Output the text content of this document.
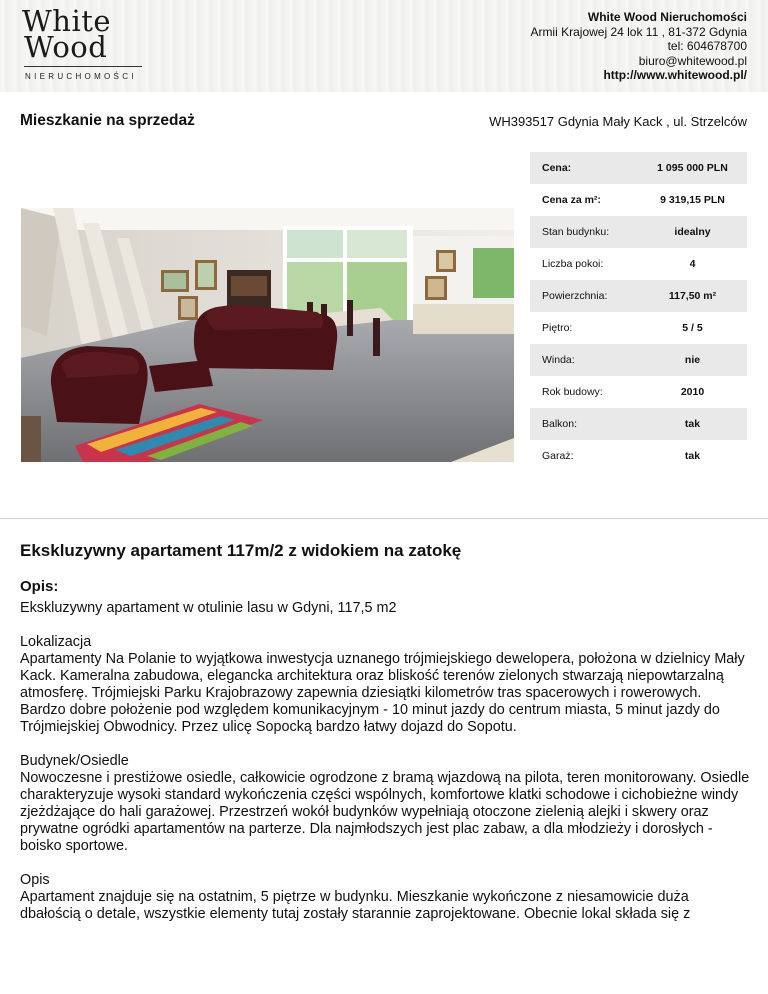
White
Wood
NIERUCHOMOŚCI
White Wood Nieruchomości
Armii Krajowej 24 lok 11 , 81-372 Gdynia
tel: 604678700
biuro@whitewood.pl
http://www.whitewood.pl/
Mieszkanie na sprzedaż	WH393517 Gdynia Mały Kack , ul. Strzelców
Cena:	1 095 000 PLN
Cena za m²:	9 319,15 PLN
Stan budynku:	idealny
Liczba pokoi:	4
Powierzchnia:	117,50 m²
Piętro:	5 / 5
Winda:	nie
Rok budowy:	2010
Balkon:	tak
Garaż:	tak
Ekskluzywny apartament 117m/2 z widokiem na zatokę
Opis:

Ekskluzywny apartament w otulinie lasu w Gdyni, 117,5 m2

Lokalizacja
Apartamenty Na Polanie to wyjątkowa inwestycja uznanego trójmiejskiego dewelopera, położona w dzielnicy Mały Kack. Kameralna zabudowa, elegancka architektura oraz bliskość terenów zielonych stwarzają niepowtarzalną atmosferę. Trójmiejski Parku Krajobrazowy zapewnia dziesiątki kilometrów tras spacerowych i rowerowych. Bardzo dobre położenie pod względem komunikacyjnym - 10 minut jazdy do centrum miasta, 5 minut jazdy do Trójmiejskiej Obwodnicy. Przez ulicę Sopocką bardzo łatwy dojazd do Sopotu.

Budynek/Osiedle
Nowoczesne i prestiżowe osiedle, całkowicie ogrodzone z bramą wjazdową na pilota, teren monitorowany. Osiedle charakteryzuje wysoki standard wykończenia części wspólnych, komfortowe klatki schodowe i cichobieżne windy zjeżdżające do hali garażowej. Przestrzeń wokół budynków wypełniają otoczone zielenią alejki i skwery oraz prywatne ogródki apartamentów na parterze. Dla najmłodszych jest plac zabaw, a dla młodzieży i dorosłych - boisko sportowe.

Opis
Apartament znajduje się na ostatnim, 5 piętrze w budynku. Mieszkanie wykończone z niesamowicie duża dbałością o detale, wszystkie elementy tutaj zostały starannie zaprojektowane. Obecnie lokal składa się z
